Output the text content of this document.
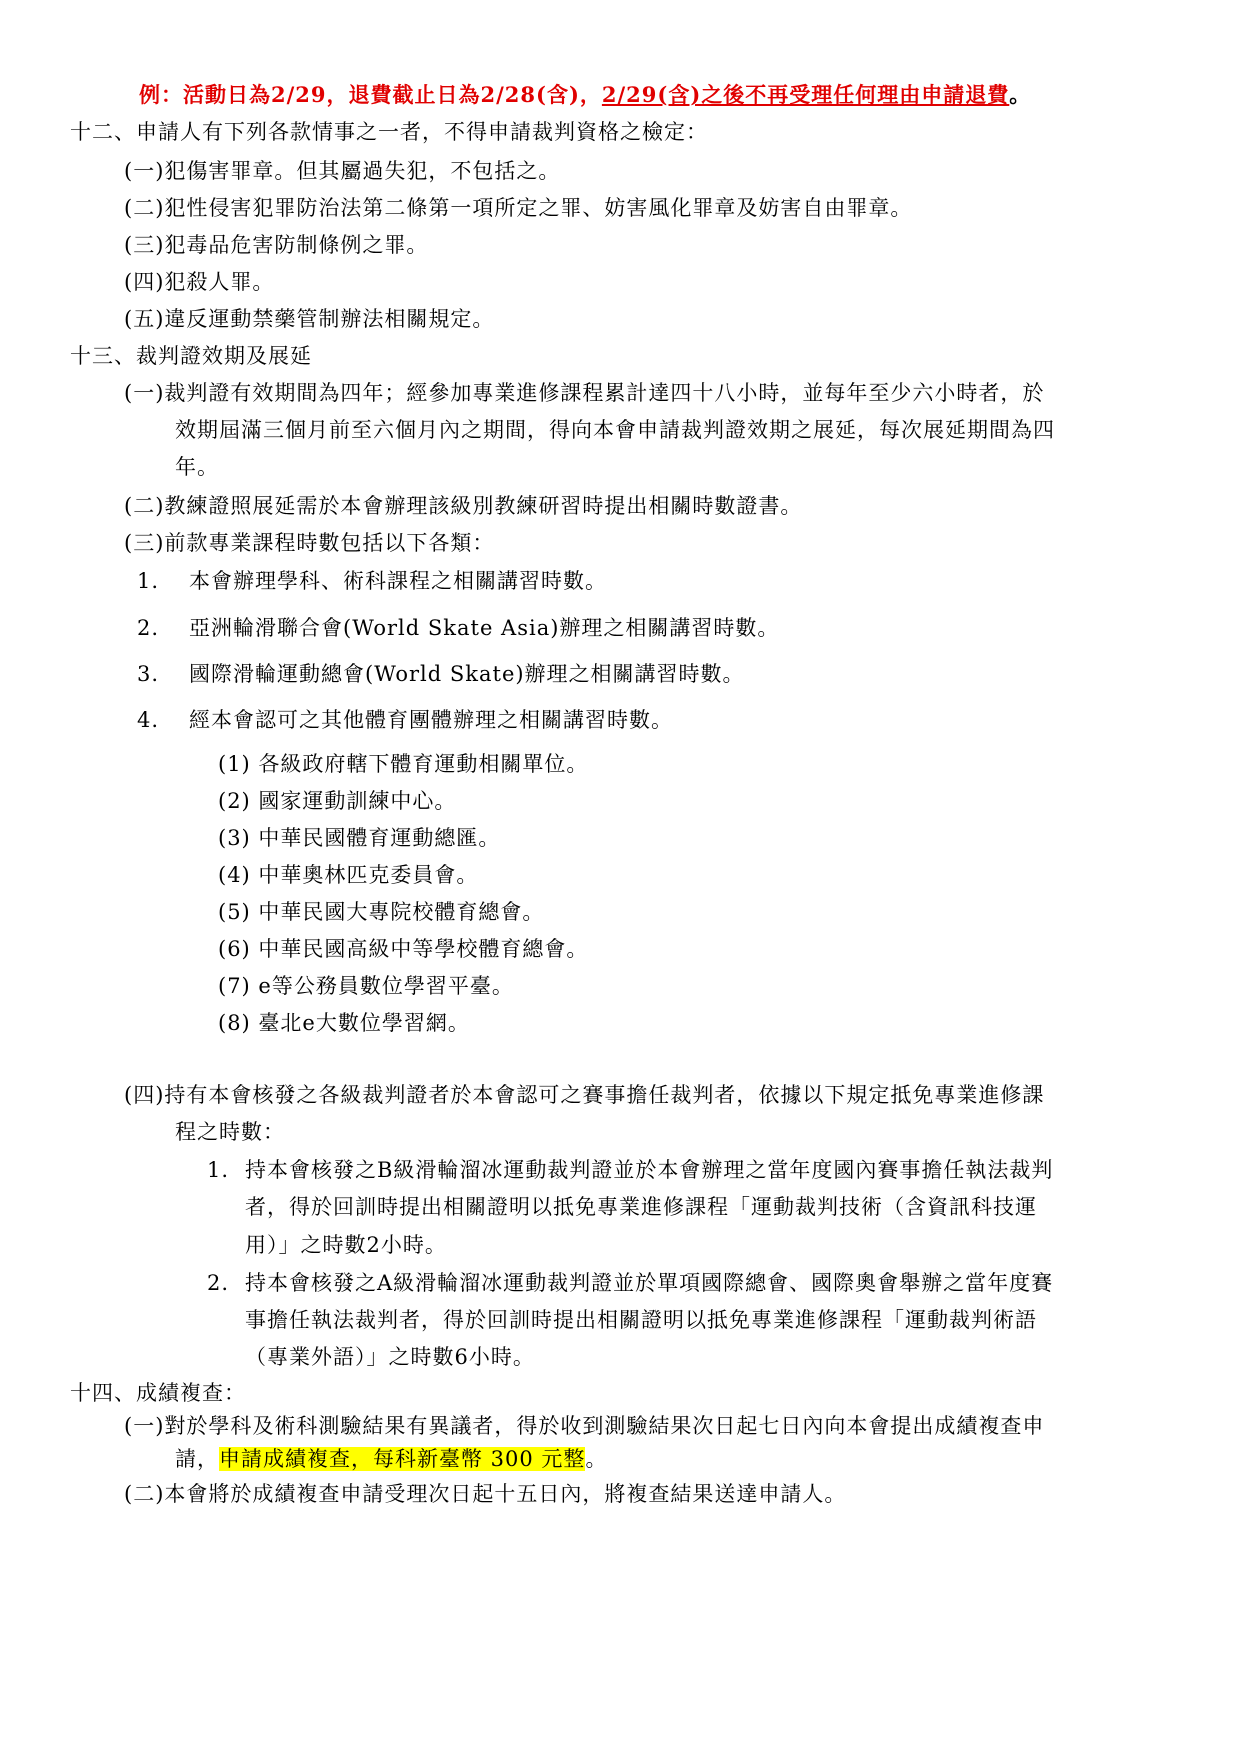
例：活動日為2/29，退費截止日為2/28(含)，2/29(含)之後不再受理任何理由申請退費。
十二、申請人有下列各款情事之一者，不得申請裁判資格之檢定：
(一)犯傷害罪章。但其屬過失犯，不包括之。
(二)犯性侵害犯罪防治法第二條第一項所定之罪、妨害風化罪章及妨害自由罪章。
(三)犯毒品危害防制條例之罪。
(四)犯殺人罪。
(五)違反運動禁藥管制辦法相關規定。
十三、裁判證效期及展延
(一)裁判證有效期間為四年；經參加專業進修課程累計達四十八小時，並每年至少六小時者，於
效期屆滿三個月前至六個月內之期間，得向本會申請裁判證效期之展延，每次展延期間為四
年。
(二)教練證照展延需於本會辦理該級別教練研習時提出相關時數證書。
(三)前款專業課程時數包括以下各類：
1. 本會辦理學科、術科課程之相關講習時數。
2. 亞洲輪滑聯合會(World Skate Asia)辦理之相關講習時數。
3. 國際滑輪運動總會(World Skate)辦理之相關講習時數。
4. 經本會認可之其他體育團體辦理之相關講習時數。
(1) 各級政府轄下體育運動相關單位。
(2) 國家運動訓練中心。
(3) 中華民國體育運動總匯。
(4) 中華奧林匹克委員會。
(5) 中華民國大專院校體育總會。
(6) 中華民國高級中等學校體育總會。
(7) e等公務員數位學習平臺。
(8) 臺北e大數位學習網。
(四)持有本會核發之各級裁判證者於本會認可之賽事擔任裁判者，依據以下規定抵免專業進修課
程之時數：
1. 持本會核發之B級滑輪溜冰運動裁判證並於本會辦理之當年度國內賽事擔任執法裁判
者，得於回訓時提出相關證明以抵免專業進修課程「運動裁判技術（含資訊科技運
用）」之時數2小時。
2. 持本會核發之A級滑輪溜冰運動裁判證並於單項國際總會、國際奧會舉辦之當年度賽
事擔任執法裁判者，得於回訓時提出相關證明以抵免專業進修課程「運動裁判術語
（專業外語）」之時數6小時。
十四、成績複查：
(一)對於學科及術科測驗結果有異議者，得於收到測驗結果次日起七日內向本會提出成績複查申
請，申請成績複查，每科新臺幣 300 元整。
(二)本會將於成績複查申請受理次日起十五日內，將複查結果送達申請人。
